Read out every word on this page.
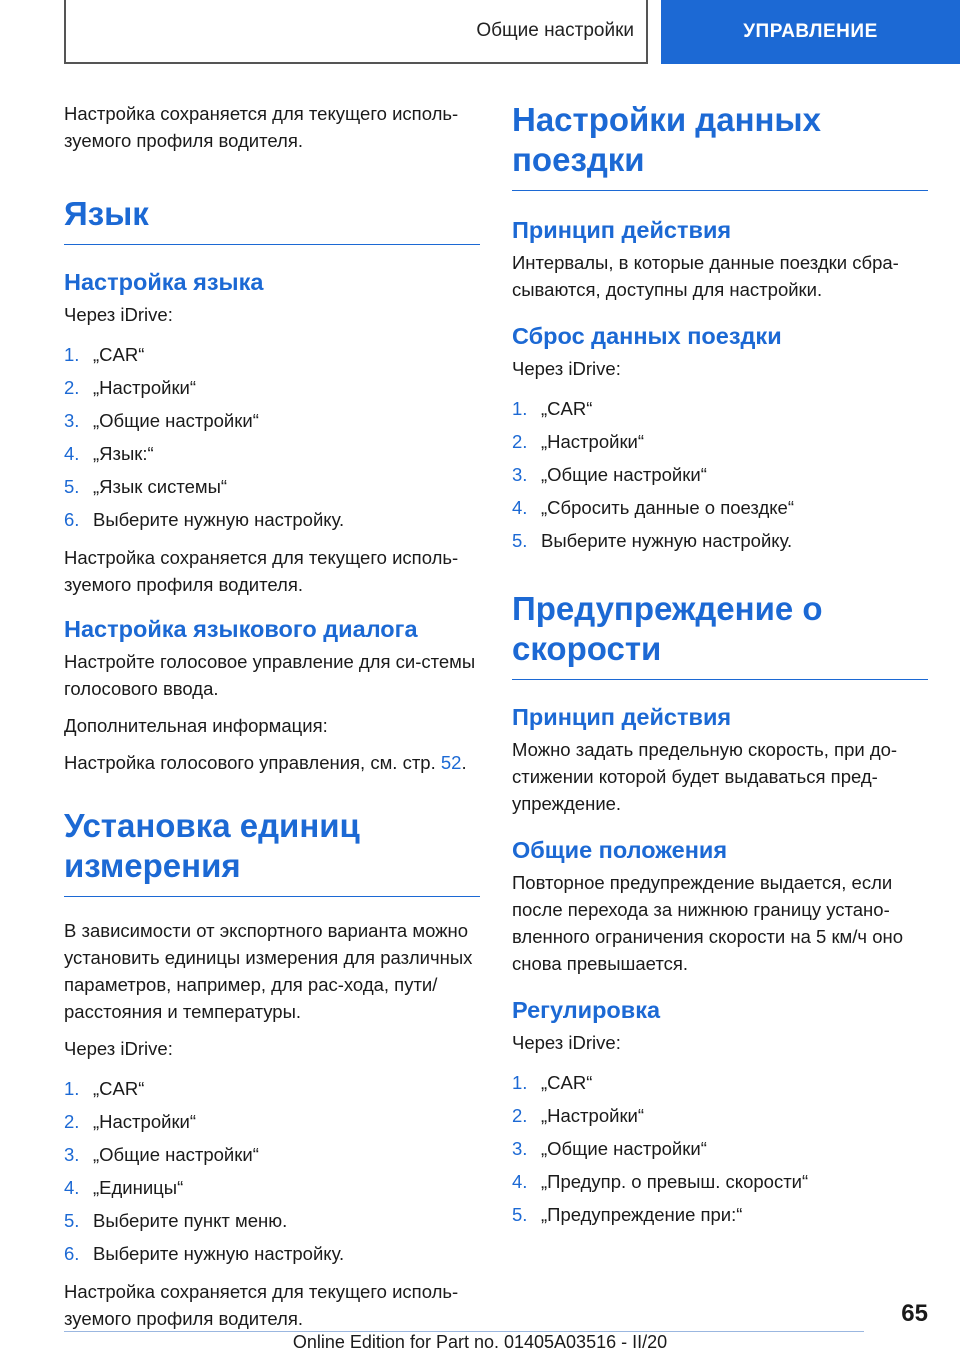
Общие настройки	УПРАВЛЕНИЕ

Настройка сохраняется для текущего исполь-зуемого профиля водителя.

Язык
Настройка языка

Через iDrive:

1. „CAR“
2. „Настройки“
3. „Общие настройки“
4. „Язык:“
5. „Язык системы“
6. Выберите нужную настройку.

Настройка сохраняется для текущего исполь-зуемого профиля водителя.

Настройка языкового диалога

Настройте голосовое управление для си-стемы голосового ввода.

Дополнительная информация:

Настройка голосового управления, см. стр. 52.

Установка единиц измерения

В зависимости от экспортного варианта можно установить единицы измерения для различных параметров, например, для рас-хода, пути/расстояния и температуры.

Через iDrive:

1. „CAR“
2. „Настройки“
3. „Общие настройки“
4. „Единицы“
5. Выберите пункт меню.
6. Выберите нужную настройку.

Настройка сохраняется для текущего исполь-зуемого профиля водителя.

Настройки данных поездки
Принцип действия

Интервалы, в которые данные поездки сбра-сываются, доступны для настройки.

Сброс данных поездки

Через iDrive:

1. „CAR“
2. „Настройки“
3. „Общие настройки“
4. „Сбросить данные о поездке“
5. Выберите нужную настройку.
Предупреждение о скорости
Принцип действия

Можно задать предельную скорость, при до-стижении которой будет выдаваться пред-упреждение.

Общие положения

Повторное предупреждение выдается, если после перехода за нижнюю границу устано-вленного ограничения скорости на 5 км/ч оно снова превышается.

Регулировка

Через iDrive:

1. „CAR“
2. „Настройки“
3. „Общие настройки“
4. „Предупр. о превыш. скорости“
5. „Предупреждение при:“
65
Online Edition for Part no. 01405A03516 - II/20
